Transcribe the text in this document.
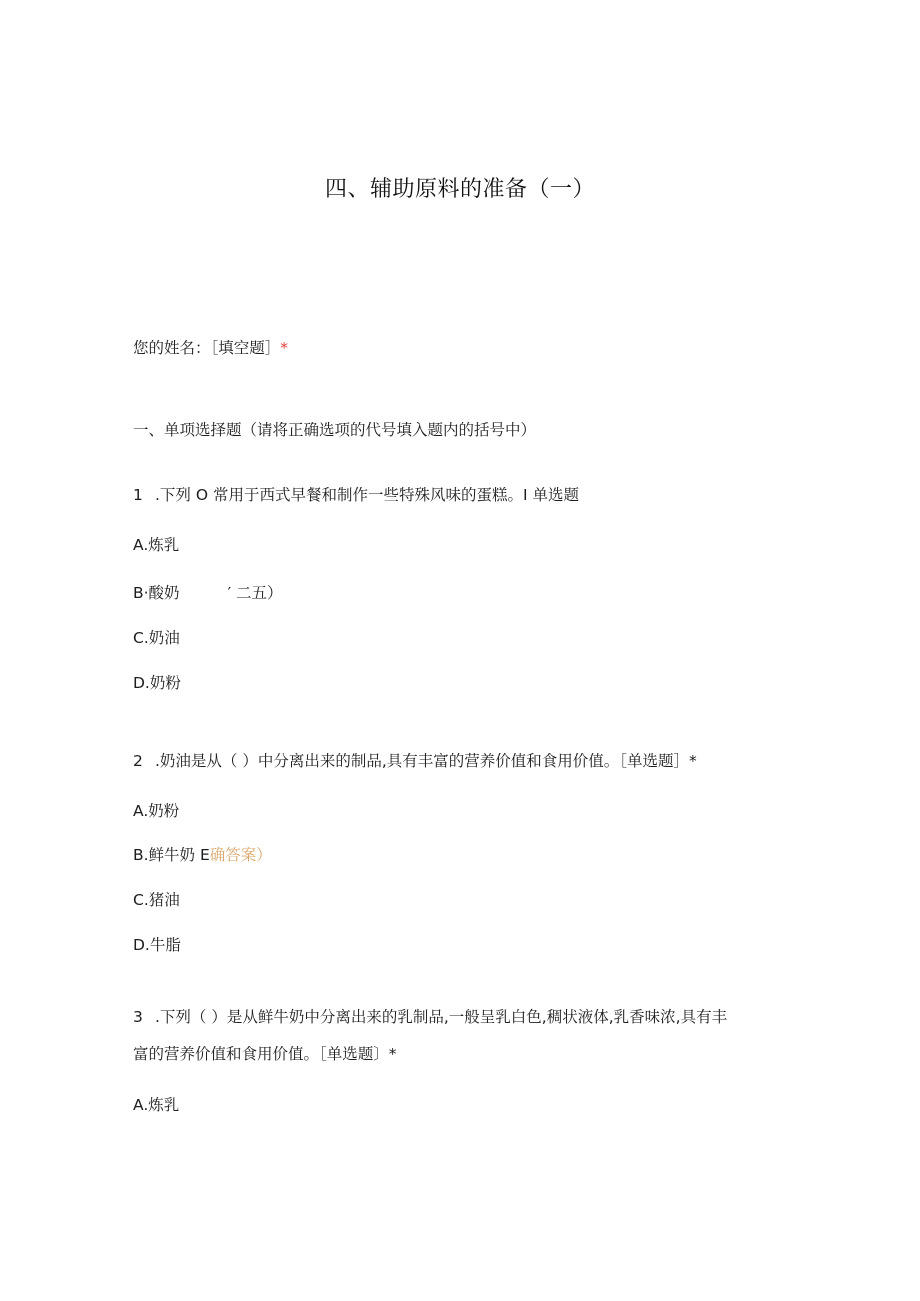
四、辅助原料的准备（一）
您的姓名：［填空题］*
一、单项选择题（请将正确选项的代号填入题内的括号中）
1 .下列 O 常用于西式早餐和制作一些特殊风味的蛋糕。I 单选题
A.炼乳
B·酸奶	′ 二五）
C.奶油
D.奶粉
2 .奶油是从（ ）中分离出来的制品,具有丰富的营养价值和食用价值。［单选题］*
A.奶粉
B.鲜牛奶 E确答案）
C.猪油
D.牛脂
3 .下列（ ）是从鲜牛奶中分离出来的乳制品,一般呈乳白色,稠状液体,乳香味浓,具有丰
富的营养价值和食用价值。［单选题〕*
A.炼乳
